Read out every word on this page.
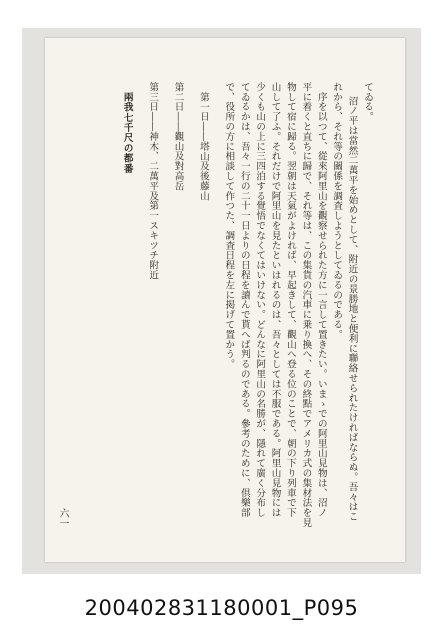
てゐる。

　沼ノ平は當然二萬平を始めとして、附近の景勝地と便利に聯絡せられたければならぬ。吾々はこ

れから、それ等の關係を調査しようとしてゐるのである。

　序を以つて、從來阿里山を觀察せられた方に一言して置きたい。いまゝでの阿里山見物は、沼ノ

平に着くと直ちに歸で、それ等は、この集貨の汽車に乗り換へ、その終點でアメリカ式の集材法を見

物して宿に歸る。翌朝は天氣がよければ、早起きして、觀山へ登る位のことで、朝の下り列車で下

山して了ふ。それだけで阿里山を見たといはれるのは、吾々としては不服である。阿里山見物には

少くも山の上に三四泊する覺悟でなくてはいけない。どんなに阿里山の名勝が、隱れて廣く分布し

てゐるかは、吾々一行の二十一日よりの日程を讀んで貰へば判るのである。參考のために、倶樂部

で、役所の方に相談して作つた、調査日程を左に掲げて置かう。

第一日――塔山及後藤山

第二日――觀山及對高岳

第三日――神木、二萬平及第一スキツチ附近

兩我七千尺の都番

六一
200402831180001_P095
